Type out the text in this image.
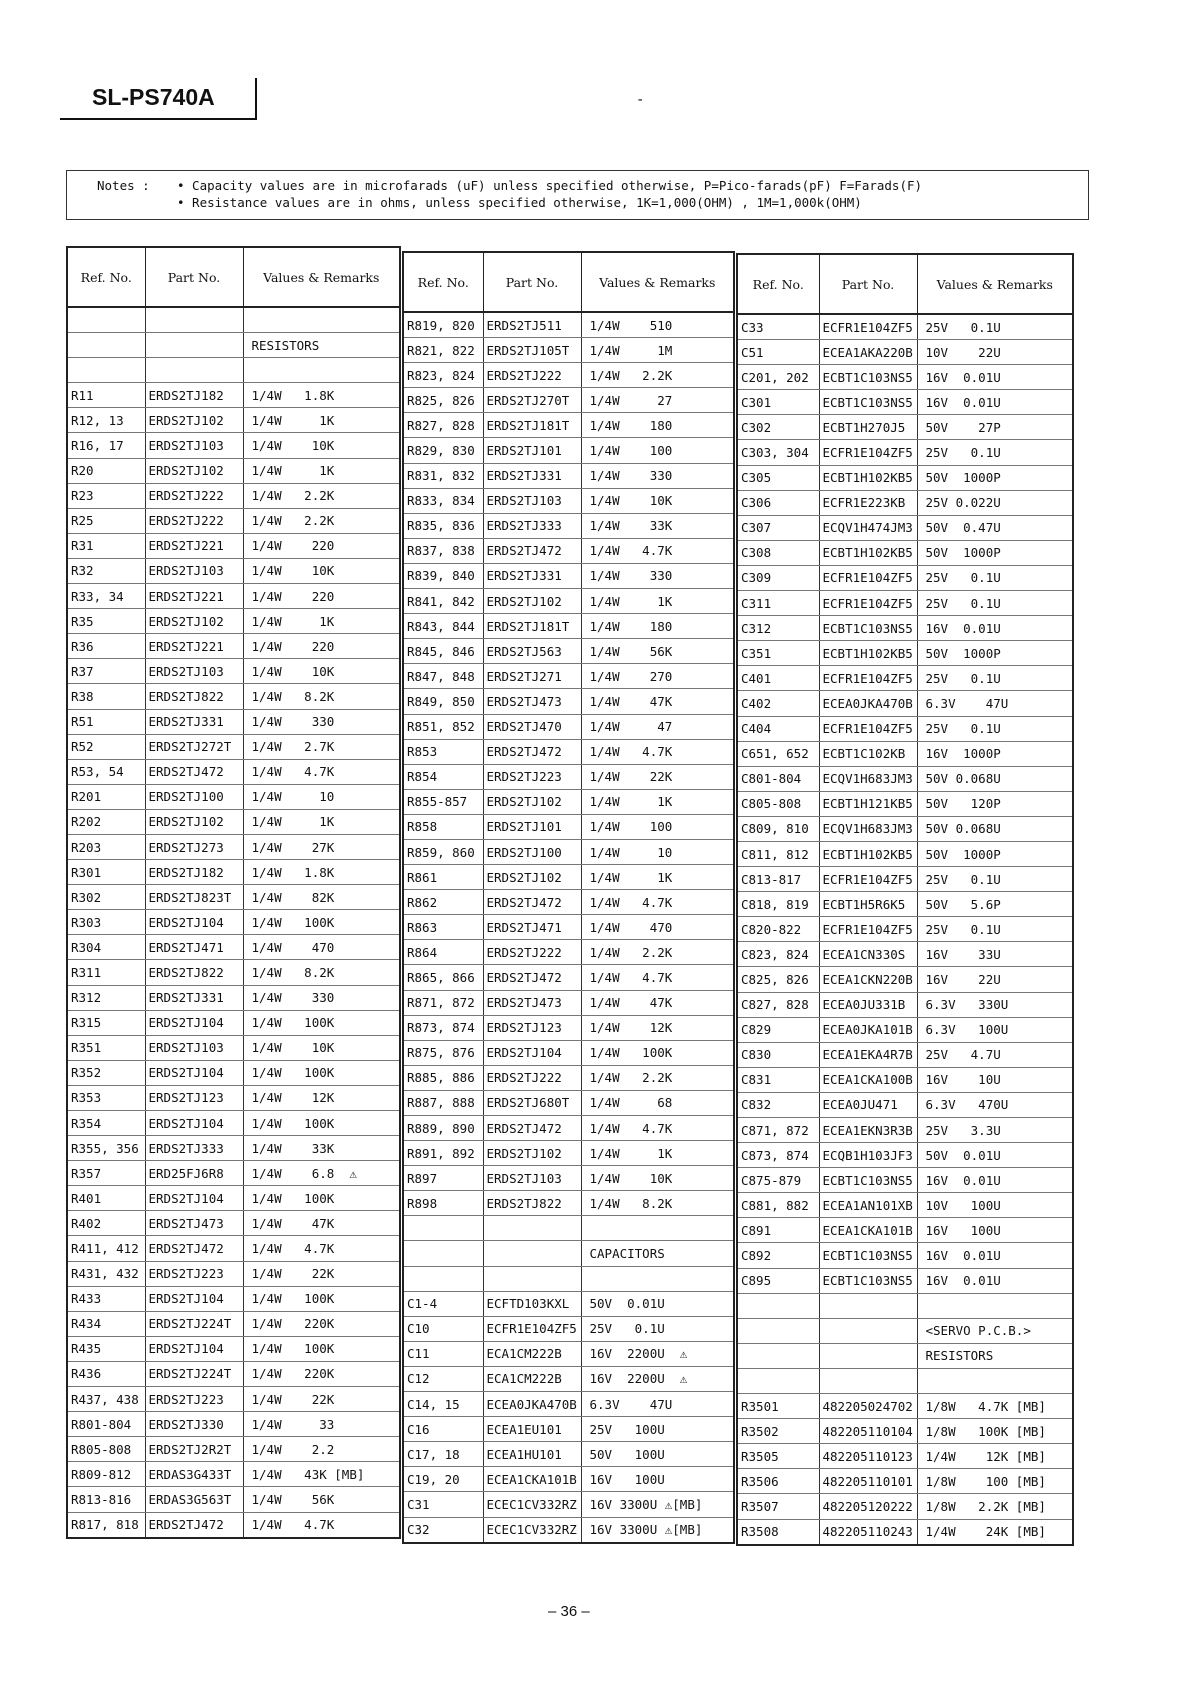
SL-PS740A	-
Notes : • Capacity values are in microfarads (uF) unless specified otherwise, P=Pico-farads(pF) F=Farads(F)
• Resistance values are in ohms, unless specified otherwise, 1K=1,000(OHM) , 1M=1,000k(OHM)
Ref. No.	Part No.	Values & Remarks

		RESISTORS

R11	ERDS2TJ182	1/4W   1.8K
R12, 13	ERDS2TJ102	1/4W     1K
R16, 17	ERDS2TJ103	1/4W    10K
R20	ERDS2TJ102	1/4W     1K
R23	ERDS2TJ222	1/4W   2.2K
R25	ERDS2TJ222	1/4W   2.2K
R31	ERDS2TJ221	1/4W    220
R32	ERDS2TJ103	1/4W    10K
R33, 34	ERDS2TJ221	1/4W    220
R35	ERDS2TJ102	1/4W     1K
R36	ERDS2TJ221	1/4W    220
R37	ERDS2TJ103	1/4W    10K
R38	ERDS2TJ822	1/4W   8.2K
R51	ERDS2TJ331	1/4W    330
R52	ERDS2TJ272T	1/4W   2.7K
R53, 54	ERDS2TJ472	1/4W   4.7K
R201	ERDS2TJ100	1/4W     10
R202	ERDS2TJ102	1/4W     1K
R203	ERDS2TJ273	1/4W    27K
R301	ERDS2TJ182	1/4W   1.8K
R302	ERDS2TJ823T	1/4W    82K
R303	ERDS2TJ104	1/4W   100K
R304	ERDS2TJ471	1/4W    470
R311	ERDS2TJ822	1/4W   8.2K
R312	ERDS2TJ331	1/4W    330
R315	ERDS2TJ104	1/4W   100K
R351	ERDS2TJ103	1/4W    10K
R352	ERDS2TJ104	1/4W   100K
R353	ERDS2TJ123	1/4W    12K
R354	ERDS2TJ104	1/4W   100K
R355, 356	ERDS2TJ333	1/4W    33K
R357	ERD25FJ6R8	1/4W    6.8  ⚠
R401	ERDS2TJ104	1/4W   100K
R402	ERDS2TJ473	1/4W    47K
R411, 412	ERDS2TJ472	1/4W   4.7K
R431, 432	ERDS2TJ223	1/4W    22K
R433	ERDS2TJ104	1/4W   100K
R434	ERDS2TJ224T	1/4W   220K
R435	ERDS2TJ104	1/4W   100K
R436	ERDS2TJ224T	1/4W   220K
R437, 438	ERDS2TJ223	1/4W    22K
R801-804	ERDS2TJ330	1/4W     33
R805-808	ERDS2TJ2R2T	1/4W    2.2
R809-812	ERDAS3G433T	1/4W   43K [MB]
R813-816	ERDAS3G563T	1/4W    56K
R817, 818	ERDS2TJ472	1/4W   4.7K
Ref. No.	Part No.	Values & Remarks
R819, 820	ERDS2TJ511	1/4W    510
R821, 822	ERDS2TJ105T	1/4W     1M
R823, 824	ERDS2TJ222	1/4W   2.2K
R825, 826	ERDS2TJ270T	1/4W     27
R827, 828	ERDS2TJ181T	1/4W    180
R829, 830	ERDS2TJ101	1/4W    100
R831, 832	ERDS2TJ331	1/4W    330
R833, 834	ERDS2TJ103	1/4W    10K
R835, 836	ERDS2TJ333	1/4W    33K
R837, 838	ERDS2TJ472	1/4W   4.7K
R839, 840	ERDS2TJ331	1/4W    330
R841, 842	ERDS2TJ102	1/4W     1K
R843, 844	ERDS2TJ181T	1/4W    180
R845, 846	ERDS2TJ563	1/4W    56K
R847, 848	ERDS2TJ271	1/4W    270
R849, 850	ERDS2TJ473	1/4W    47K
R851, 852	ERDS2TJ470	1/4W     47
R853	ERDS2TJ472	1/4W   4.7K
R854	ERDS2TJ223	1/4W    22K
R855-857	ERDS2TJ102	1/4W     1K
R858	ERDS2TJ101	1/4W    100
R859, 860	ERDS2TJ100	1/4W     10
R861	ERDS2TJ102	1/4W     1K
R862	ERDS2TJ472	1/4W   4.7K
R863	ERDS2TJ471	1/4W    470
R864	ERDS2TJ222	1/4W   2.2K
R865, 866	ERDS2TJ472	1/4W   4.7K
R871, 872	ERDS2TJ473	1/4W    47K
R873, 874	ERDS2TJ123	1/4W    12K
R875, 876	ERDS2TJ104	1/4W   100K
R885, 886	ERDS2TJ222	1/4W   2.2K
R887, 888	ERDS2TJ680T	1/4W     68
R889, 890	ERDS2TJ472	1/4W   4.7K
R891, 892	ERDS2TJ102	1/4W     1K
R897	ERDS2TJ103	1/4W    10K
R898	ERDS2TJ822	1/4W   8.2K

		CAPACITORS

C1-4	ECFTD103KXL	50V  0.01U
C10	ECFR1E104ZF5	25V   0.1U
C11	ECA1CM222B	16V  2200U  ⚠
C12	ECA1CM222B	16V  2200U  ⚠
C14, 15	ECEA0JKA470B	6.3V    47U
C16	ECEA1EU101	25V   100U
C17, 18	ECEA1HU101	50V   100U
C19, 20	ECEA1CKA101B	16V   100U
C31	ECEC1CV332RZ	16V 3300U ⚠[MB]
C32	ECEC1CV332RZ	16V 3300U ⚠[MB]
Ref. No.	Part No.	Values & Remarks
C33	ECFR1E104ZF5	25V   0.1U
C51	ECEA1AKA220B	10V    22U
C201, 202	ECBT1C103NS5	16V  0.01U
C301	ECBT1C103NS5	16V  0.01U
C302	ECBT1H270J5	50V    27P
C303, 304	ECFR1E104ZF5	25V   0.1U
C305	ECBT1H102KB5	50V  1000P
C306	ECFR1E223KB	25V 0.022U
C307	ECQV1H474JM3	50V  0.47U
C308	ECBT1H102KB5	50V  1000P
C309	ECFR1E104ZF5	25V   0.1U
C311	ECFR1E104ZF5	25V   0.1U
C312	ECBT1C103NS5	16V  0.01U
C351	ECBT1H102KB5	50V  1000P
C401	ECFR1E104ZF5	25V   0.1U
C402	ECEA0JKA470B	6.3V    47U
C404	ECFR1E104ZF5	25V   0.1U
C651, 652	ECBT1C102KB	16V  1000P
C801-804	ECQV1H683JM3	50V 0.068U
C805-808	ECBT1H121KB5	50V   120P
C809, 810	ECQV1H683JM3	50V 0.068U
C811, 812	ECBT1H102KB5	50V  1000P
C813-817	ECFR1E104ZF5	25V   0.1U
C818, 819	ECBT1H5R6K5	50V   5.6P
C820-822	ECFR1E104ZF5	25V   0.1U
C823, 824	ECEA1CN330S	16V    33U
C825, 826	ECEA1CKN220B	16V    22U
C827, 828	ECEA0JU331B	6.3V   330U
C829	ECEA0JKA101B	6.3V   100U
C830	ECEA1EKA4R7B	25V   4.7U
C831	ECEA1CKA100B	16V    10U
C832	ECEA0JU471	6.3V   470U
C871, 872	ECEA1EKN3R3B	25V   3.3U
C873, 874	ECQB1H103JF3	50V  0.01U
C875-879	ECBT1C103NS5	16V  0.01U
C881, 882	ECEA1AN101XB	10V   100U
C891	ECEA1CKA101B	16V   100U
C892	ECBT1C103NS5	16V  0.01U
C895	ECBT1C103NS5	16V  0.01U

		<SERVO P.C.B.>
		RESISTORS

R3501	482205024702	1/8W   4.7K [MB]
R3502	482205110104	1/8W   100K [MB]
R3505	482205110123	1/4W    12K [MB]
R3506	482205110101	1/8W    100 [MB]
R3507	482205120222	1/8W   2.2K [MB]
R3508	482205110243	1/4W    24K [MB]
– 36 –
